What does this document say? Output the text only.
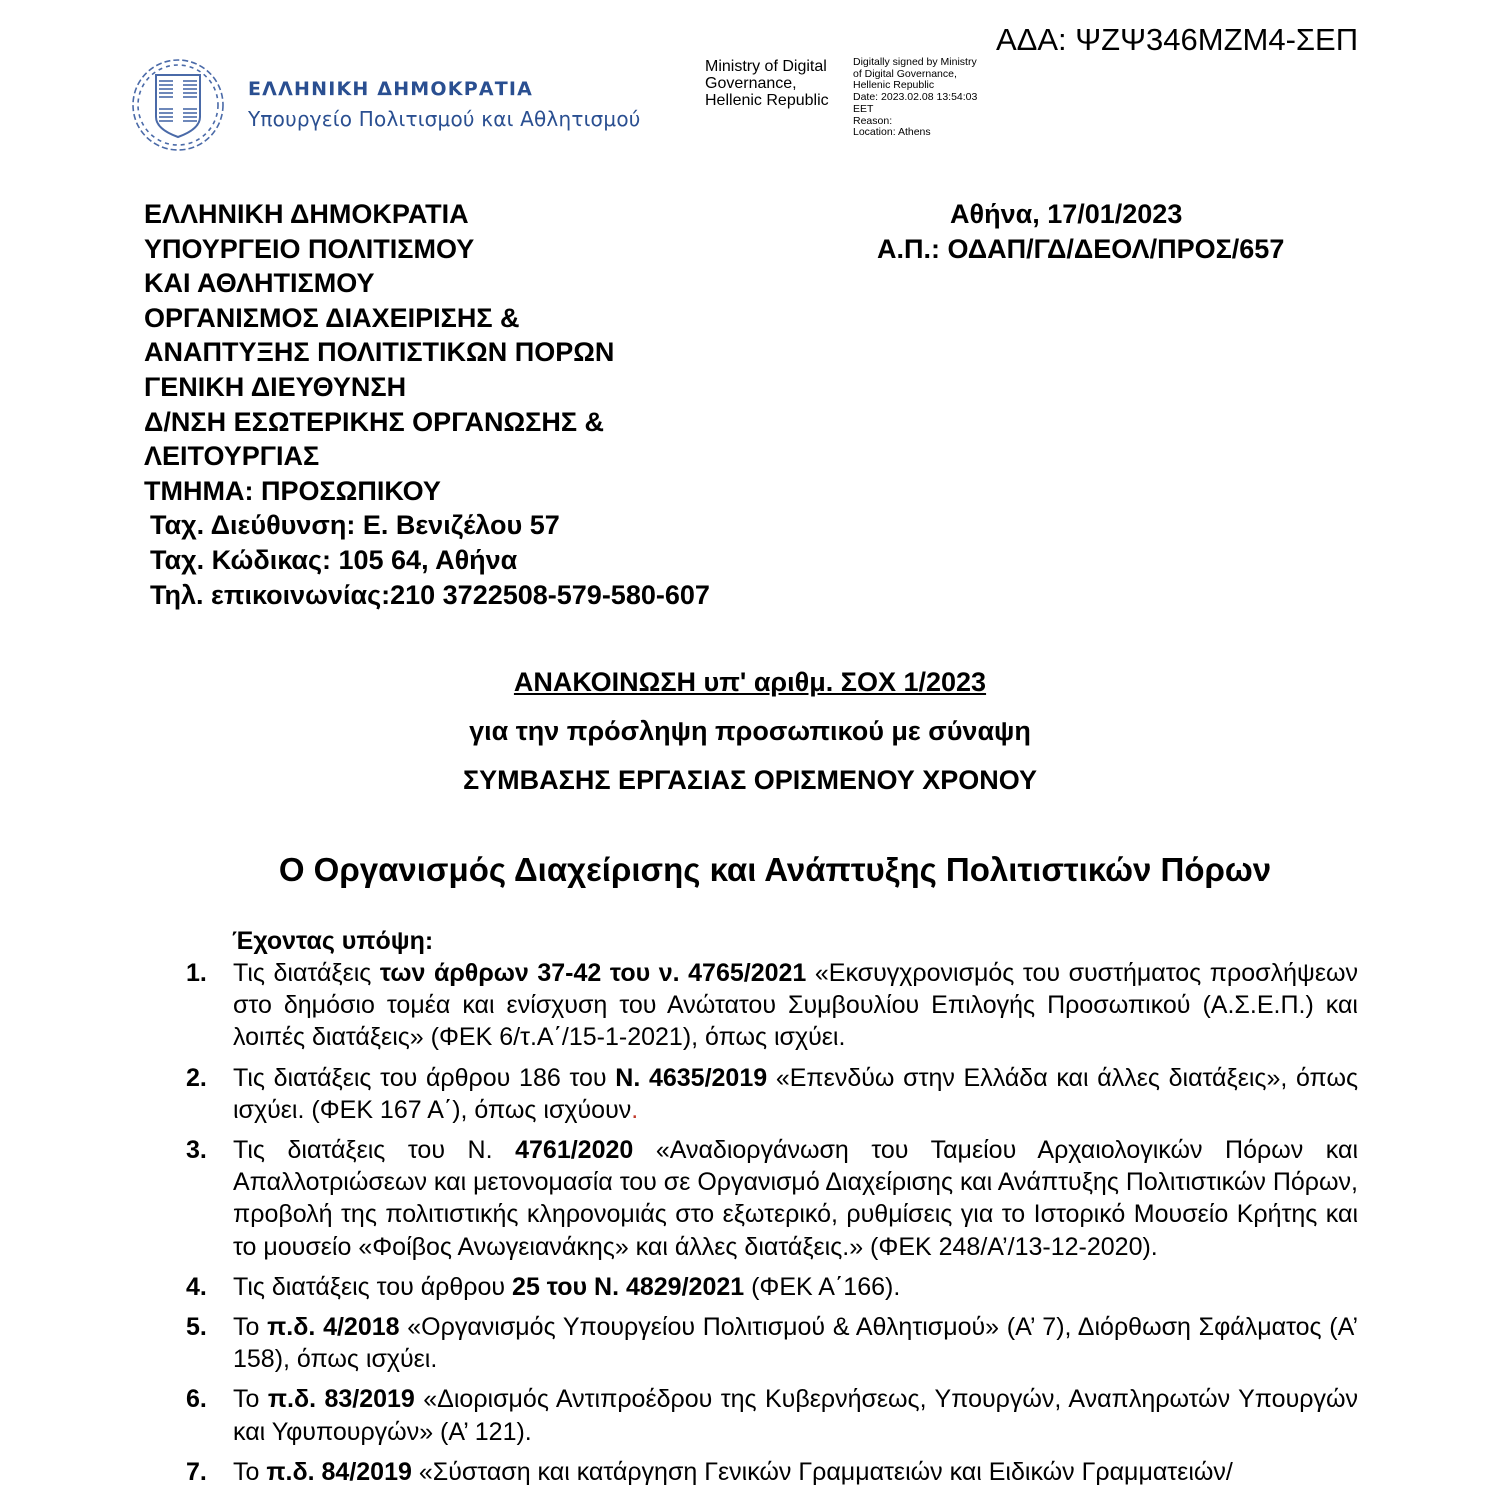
ΑΔΑ: ΨΖΨ346ΜΖΜ4-ΣΕΠ
ΕΛΛΗΝΙΚΗ ΔΗΜΟΚΡΑΤΙΑ
Υπουργείο Πολιτισμού και Αθλητισμού
Ministry of Digital
Governance,
Hellenic Republic
Digitally signed by Ministry
of Digital Governance,
Hellenic Republic
Date: 2023.02.08 13:54:03
EET
Reason:
Location: Athens
ΕΛΛΗΝΙΚΗ ΔΗΜΟΚΡΑΤΙΑ
ΥΠΟΥΡΓΕΙΟ ΠΟΛΙΤΙΣΜΟΥ
ΚΑΙ ΑΘΛΗΤΙΣΜΟΥ
ΟΡΓΑΝΙΣΜΟΣ ΔΙΑΧΕΙΡΙΣΗΣ &
ΑΝΑΠΤΥΞΗΣ ΠΟΛΙΤΙΣΤΙΚΩΝ ΠΟΡΩΝ
ΓΕΝΙΚΗ ΔΙΕΥΘΥΝΣΗ
Δ/ΝΣΗ ΕΣΩΤΕΡΙΚΗΣ ΟΡΓΑΝΩΣΗΣ &
ΛΕΙΤΟΥΡΓΙΑΣ
ΤΜΗΜΑ: ΠΡΟΣΩΠΙΚΟΥ
Ταχ. Διεύθυνση: Ε. Βενιζέλου 57
Ταχ. Κώδικας: 105 64, Αθήνα
Τηλ. επικοινωνίας:210 3722508-579-580-607
Αθήνα, 17/01/2023
Α.Π.: ΟΔΑΠ/ΓΔ/ΔΕΟΛ/ΠΡΟΣ/657
ΑΝΑΚΟΙΝΩΣΗ υπ' αριθμ. ΣΟΧ 1/2023
για την πρόσληψη προσωπικού με σύναψη
ΣΥΜΒΑΣΗΣ ΕΡΓΑΣΙΑΣ ΟΡΙΣΜΕΝΟΥ ΧΡΟΝΟΥ
Ο Οργανισμός Διαχείρισης και Ανάπτυξης Πολιτιστικών Πόρων
Έχοντας υπόψη:
1.	Τις διατάξεις των άρθρων 37-42 του ν. 4765/2021 «Εκσυγχρονισμός του συστήματος προσλήψεων στο δημόσιο τομέα και ενίσχυση του Ανώτατου Συμβουλίου Επιλογής Προσωπικού (Α.Σ.Ε.Π.) και λοιπές διατάξεις» (ΦΕΚ 6/τ.Α΄/15-1-2021), όπως ισχύει.
2.	Τις διατάξεις του άρθρου 186 του Ν. 4635/2019 «Επενδύω στην Ελλάδα και άλλες διατάξεις», όπως ισχύει. (ΦΕΚ 167 Α΄), όπως ισχύουν.
3.	Τις διατάξεις του Ν. 4761/2020 «Αναδιοργάνωση του Ταμείου Αρχαιολογικών Πόρων και Απαλλοτριώσεων και μετονομασία του σε Οργανισμό Διαχείρισης και Ανάπτυξης Πολιτιστικών Πόρων, προβολή της πολιτιστικής κληρονομιάς στο εξωτερικό, ρυθμίσεις για το Ιστορικό Μουσείο Κρήτης και το μουσείο «Φοίβος Ανωγειανάκης» και άλλες διατάξεις.» (ΦΕΚ 248/Α’/13-12-2020).
4.	Τις διατάξεις του άρθρου 25 του Ν. 4829/2021 (ΦΕΚ Α΄166).
5.	Το π.δ. 4/2018 «Οργανισμός Υπουργείου Πολιτισμού & Αθλητισμού» (Α’ 7), Διόρθωση Σφάλματος (Α’ 158), όπως ισχύει.
6.	Το π.δ. 83/2019 «Διορισμός Αντιπροέδρου της Κυβερνήσεως, Υπουργών, Αναπληρωτών Υπουργών και Υφυπουργών» (Α’ 121).
7.	Το π.δ. 84/2019 «Σύσταση και κατάργηση Γενικών Γραμματειών και Ειδικών Γραμματειών/
